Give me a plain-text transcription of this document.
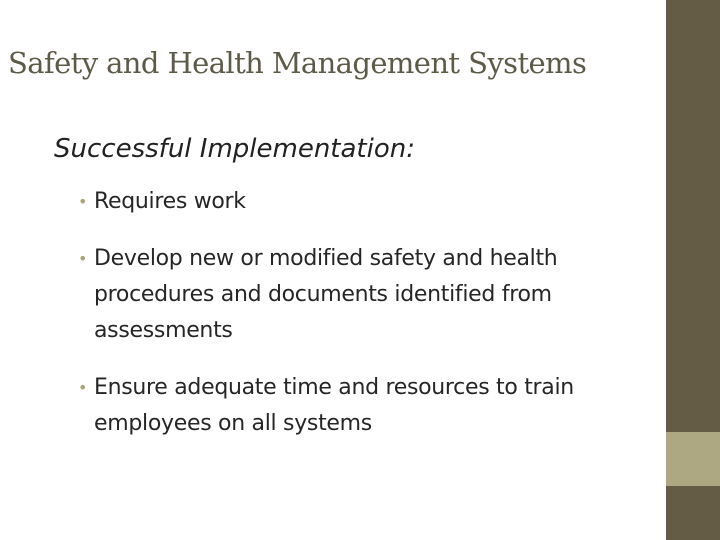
Safety and Health Management Systems
Successful Implementation:
• Requires work
• Develop new or modified safety and health procedures and documents identified from assessments
• Ensure adequate time and resources to train employees on all systems
